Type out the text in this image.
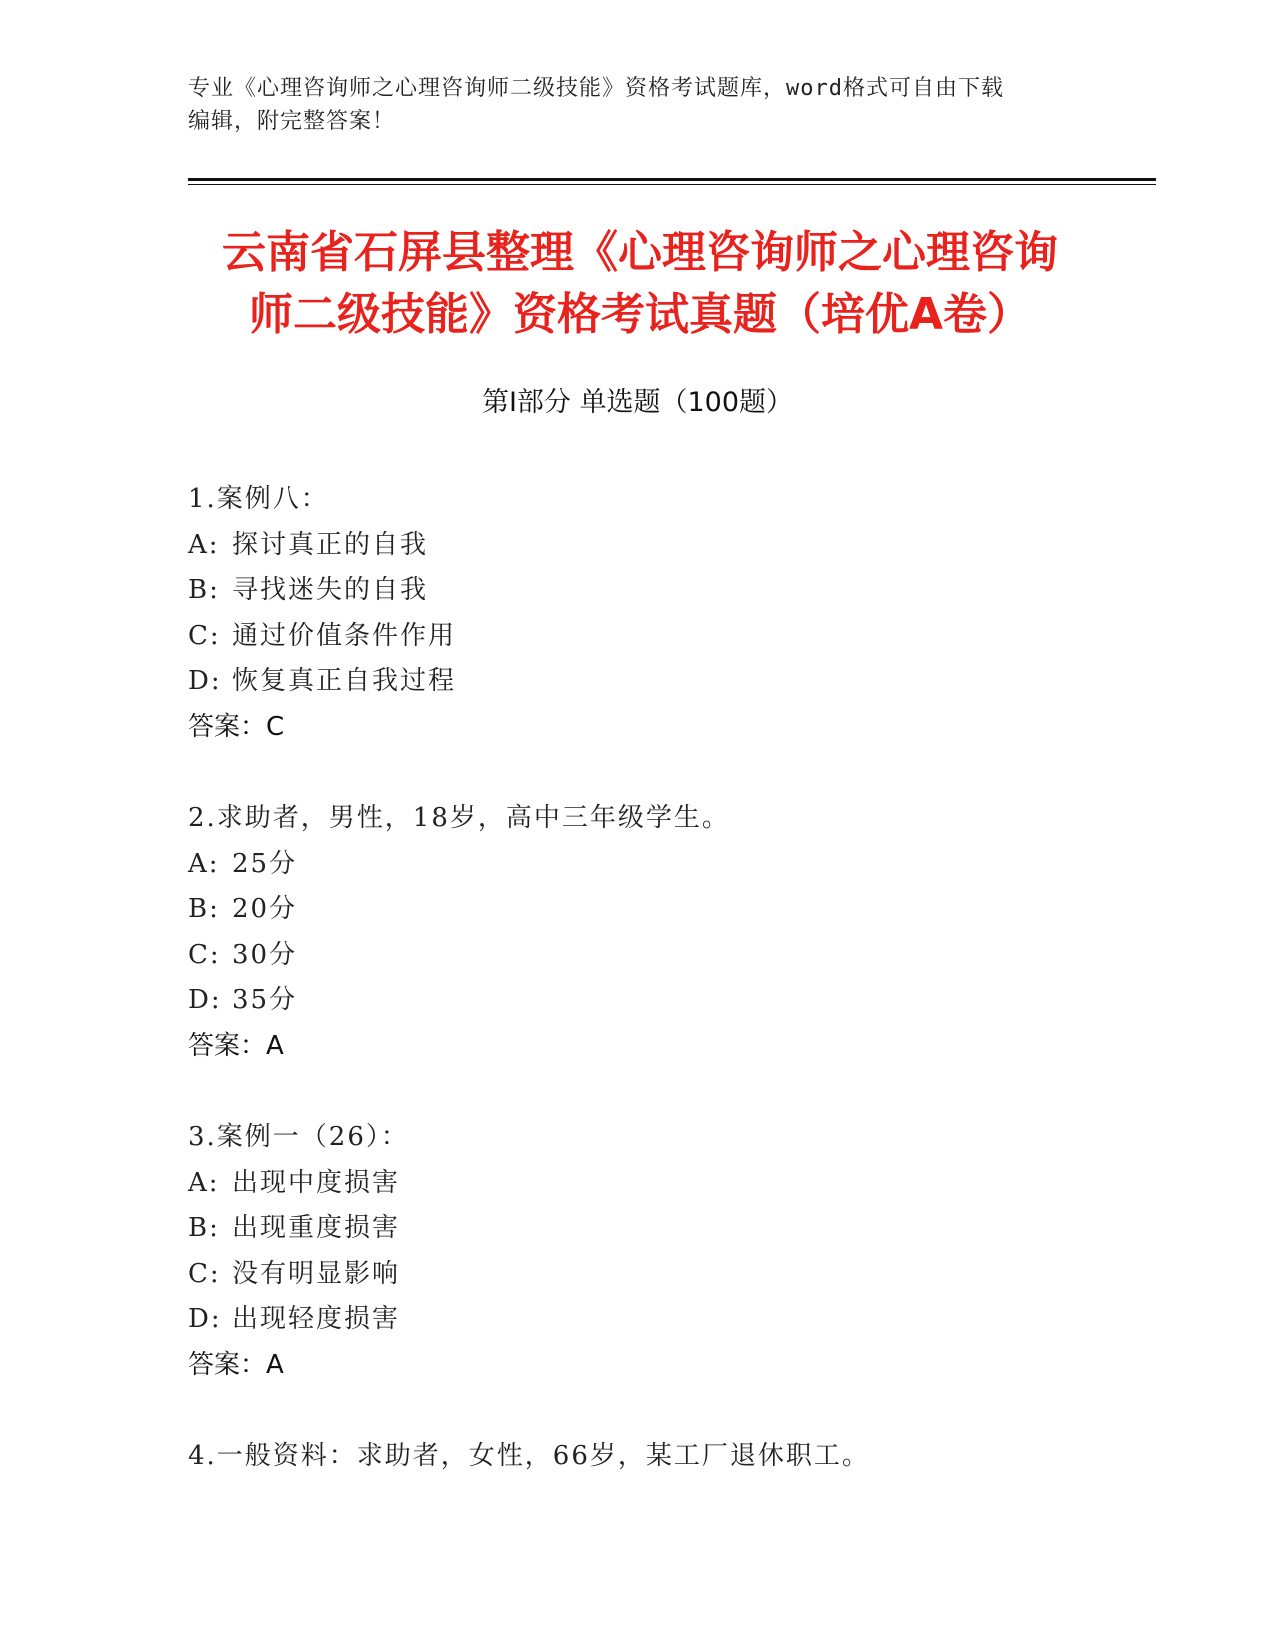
专业《心理咨询师之心理咨询师二级技能》资格考试题库，word格式可自由下载
编辑，附完整答案！
云南省石屏县整理《心理咨询师之心理咨询
师二级技能》资格考试真题（培优A卷）
第Ⅰ部分 单选题（100题）
1.案例八：
A: 探讨真正的自我
B: 寻找迷失的自我
C: 通过价值条件作用
D: 恢复真正自我过程
答案：C
2.求助者，男性，18岁，高中三年级学生。
A: 25分
B: 20分
C: 30分
D: 35分
答案：A
3.案例一（26）：
A: 出现中度损害
B: 出现重度损害
C: 没有明显影响
D: 出现轻度损害
答案：A
4.一般资料：求助者，女性，66岁，某工厂退休职工。
